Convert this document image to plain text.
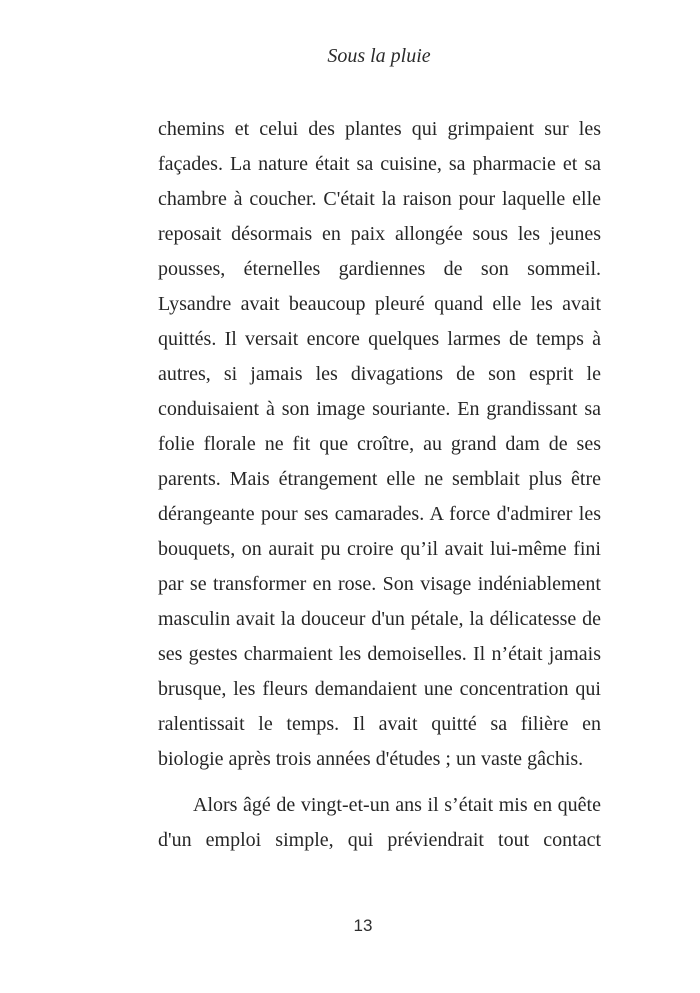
Sous la pluie
chemins et celui des plantes qui grimpaient sur les
façades. La nature était sa cuisine, sa pharmacie et sa
chambre à coucher. C'était la raison pour laquelle elle
reposait désormais en paix allongée sous les jeunes
pousses, éternelles gardiennes de son sommeil.
Lysandre avait beaucoup pleuré quand elle les avait
quittés. Il versait encore quelques larmes de temps à
autres, si jamais les divagations de son esprit le
conduisaient à son image souriante. En grandissant sa
folie florale ne fit que croître, au grand dam de ses
parents. Mais étrangement elle ne semblait plus être
dérangeante pour ses camarades. A force d'admirer les
bouquets, on aurait pu croire qu’il avait lui-même fini
par se transformer en rose. Son visage indéniablement
masculin avait la douceur d'un pétale, la délicatesse de
ses gestes charmaient les demoiselles. Il n’était jamais
brusque, les fleurs demandaient une concentration qui
ralentissait le temps. Il avait quitté sa filière en
biologie après trois années d'études ; un vaste gâchis.
Alors âgé de vingt-et-un ans il s’était mis en quête
d'un emploi simple, qui préviendrait tout contact
13
